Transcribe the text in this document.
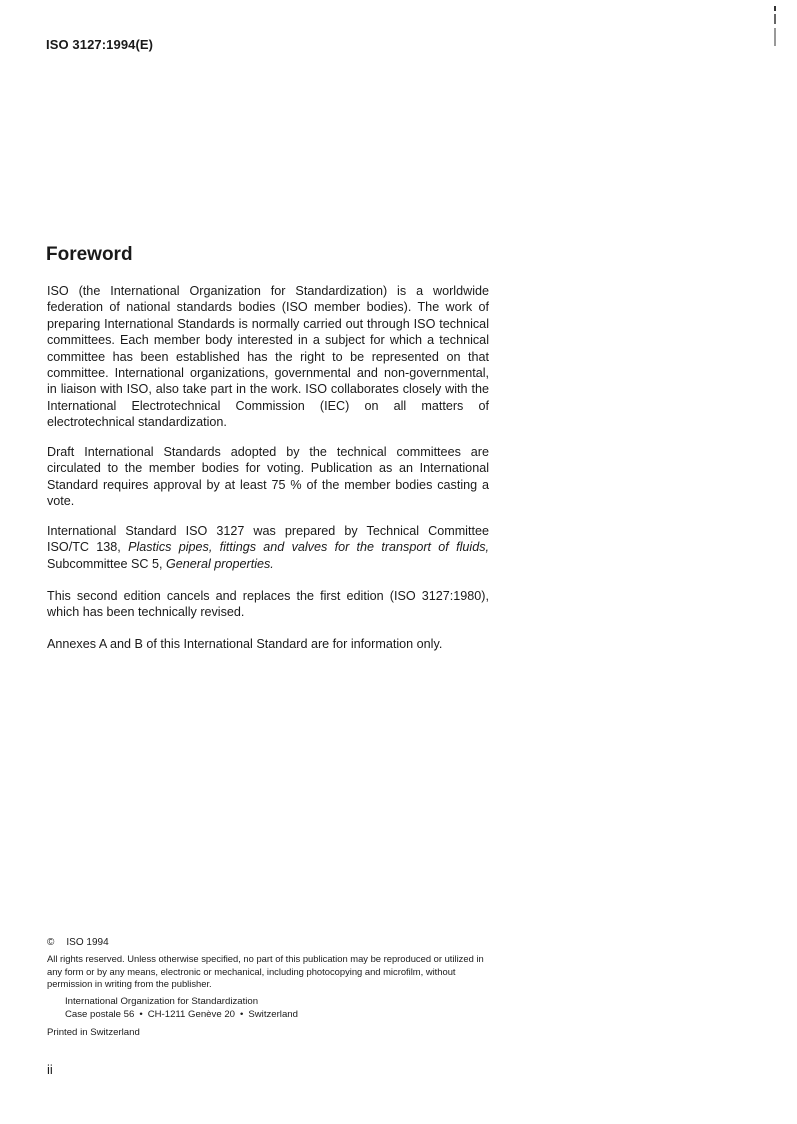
ISO 3127:1994(E)
Foreword

ISO (the International Organization for Standardization) is a worldwide federation of national standards bodies (ISO member bodies). The work of preparing International Standards is normally carried out through ISO technical committees. Each member body interested in a subject for which a technical committee has been established has the right to be represented on that committee. International organizations, governmental and non-governmental, in liaison with ISO, also take part in the work. ISO collaborates closely with the International Electrotechnical Commission (IEC) on all matters of electrotechnical standardization.

Draft International Standards adopted by the technical committees are circulated to the member bodies for voting. Publication as an International Standard requires approval by at least 75 % of the member bodies casting a vote.

International Standard ISO 3127 was prepared by Technical Committee ISO/TC 138, Plastics pipes, fittings and valves for the transport of fluids, Subcommittee SC 5, General properties.

This second edition cancels and replaces the first edition (ISO 3127:1980), which has been technically revised.

Annexes A and B of this International Standard are for information only.

© ISO 1994

All rights reserved. Unless otherwise specified, no part of this publication may be reproduced or utilized in any form or by any means, electronic or mechanical, including photocopying and microfilm, without permission in writing from the publisher.

International Organization for Standardization
Case postale 56 • CH-1211 Genève 20 • Switzerland
Printed in Switzerland
ii
